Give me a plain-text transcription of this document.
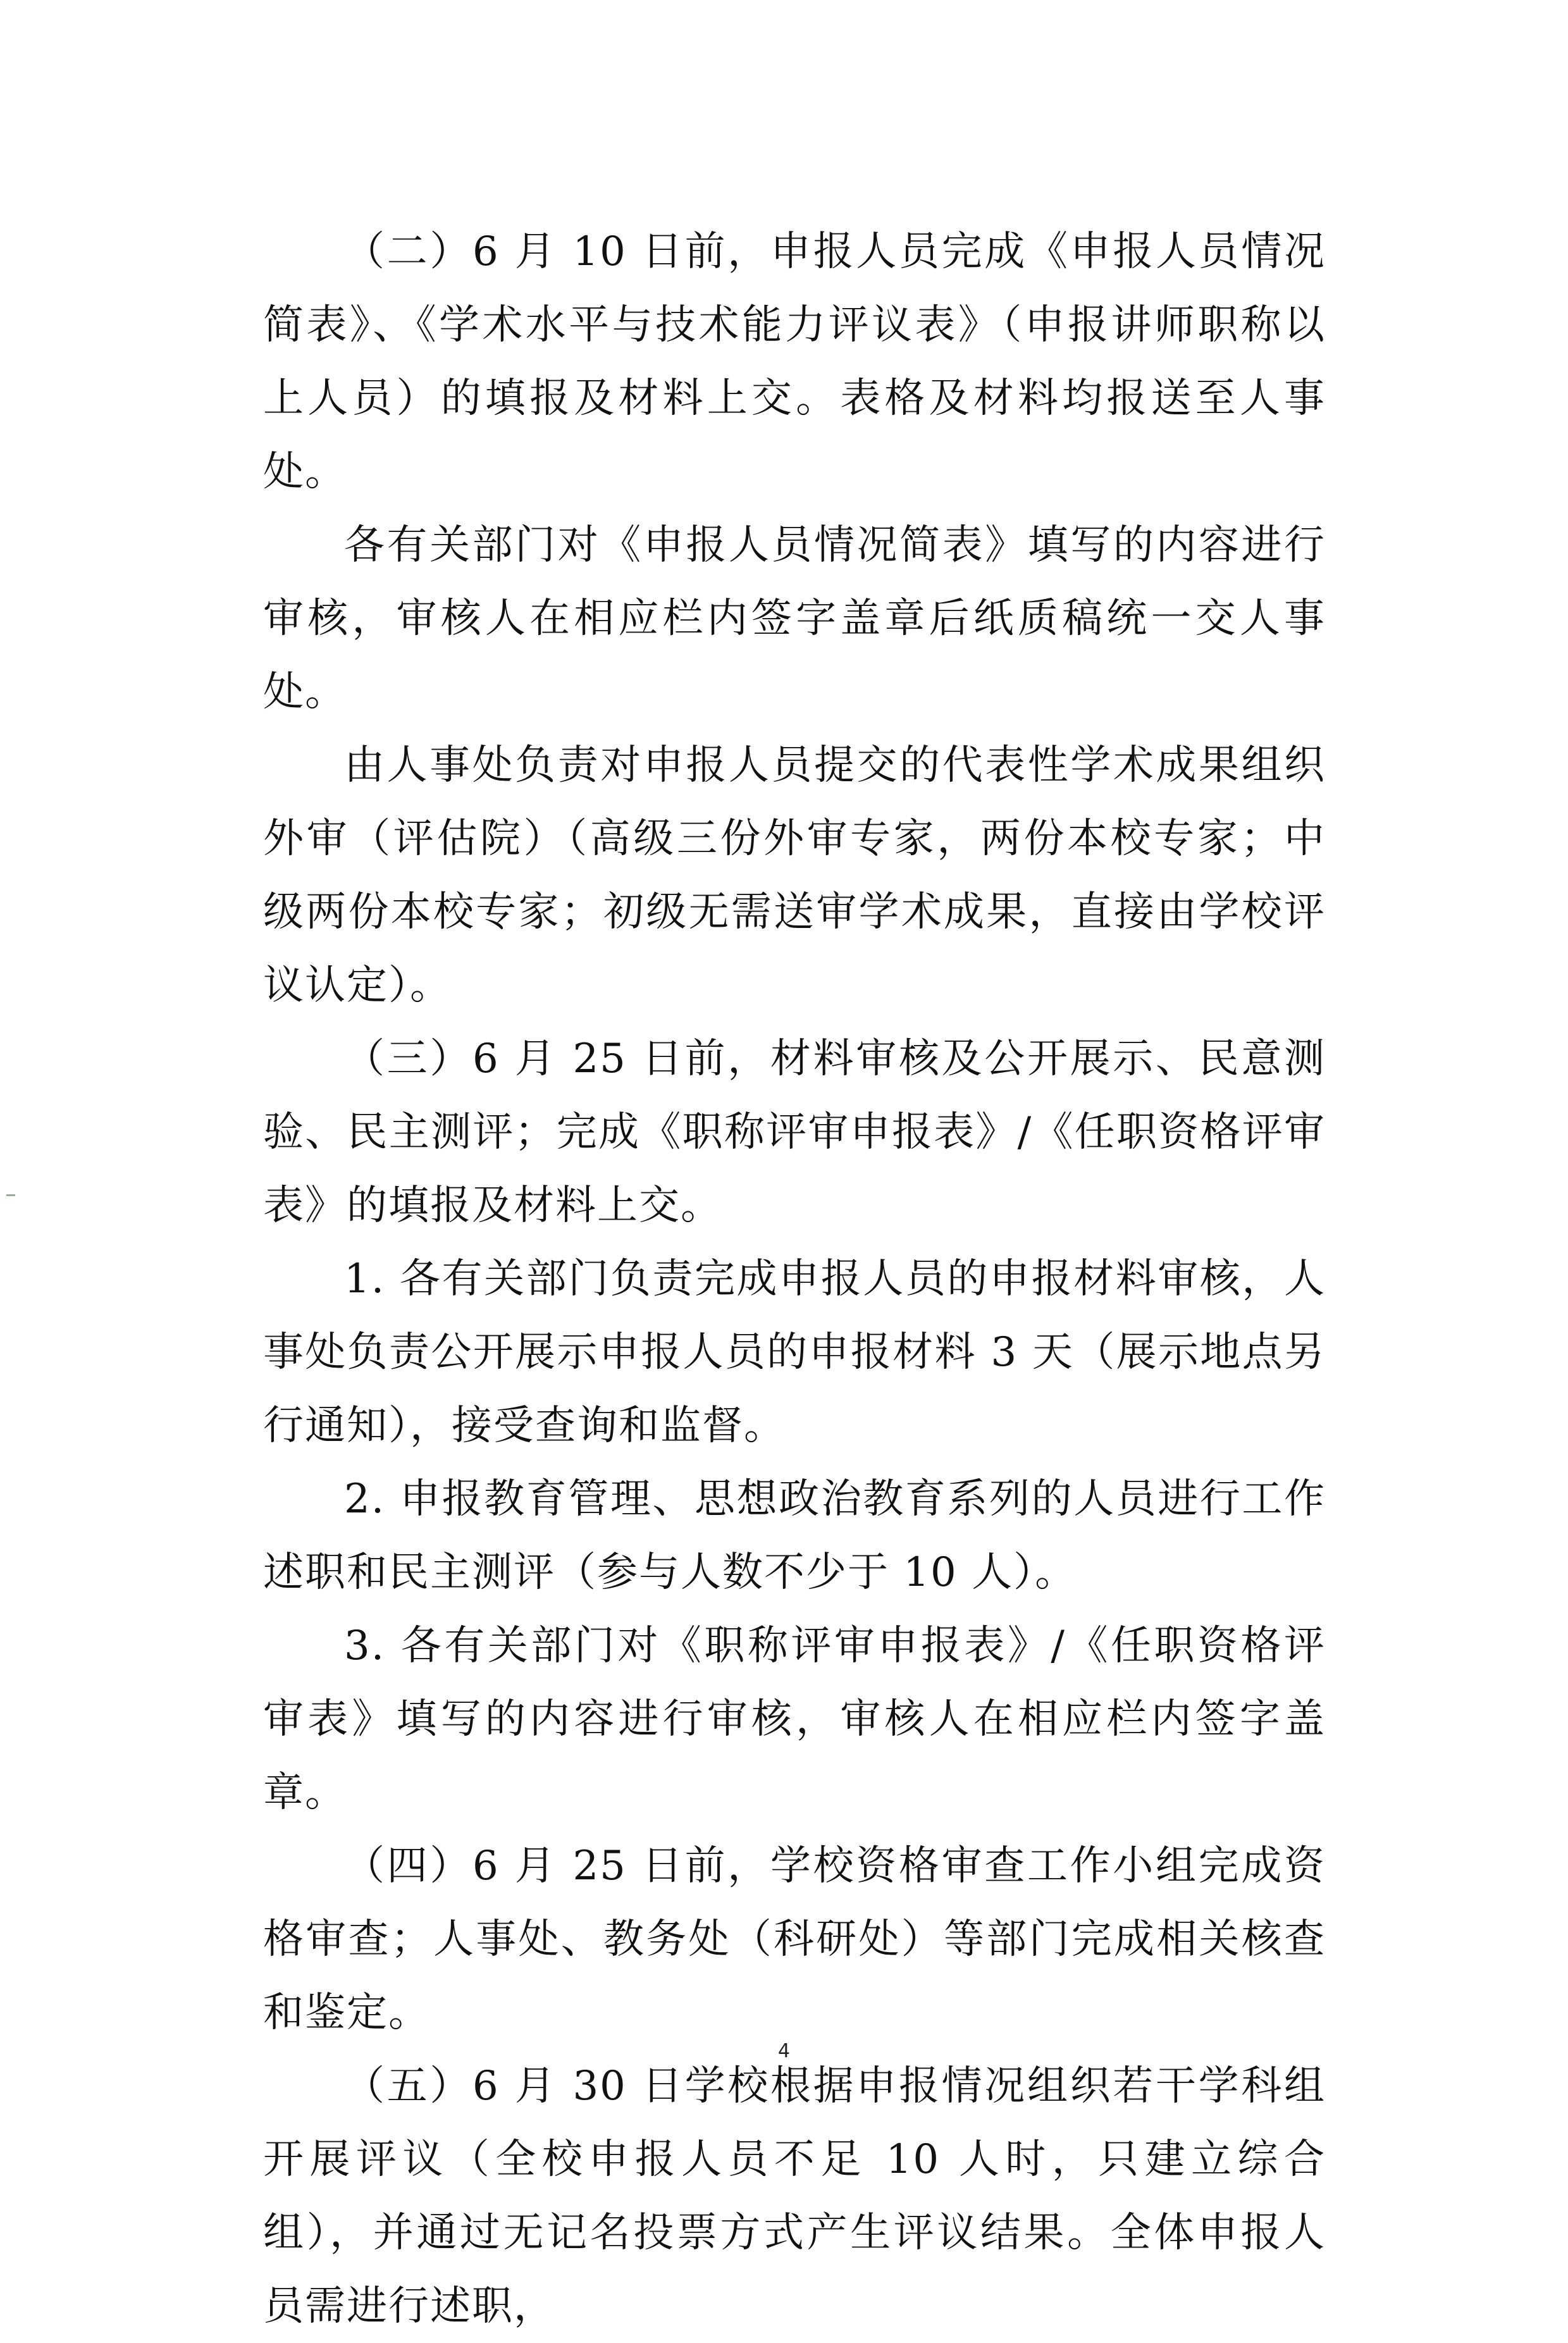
（二）6 月 10 日前，申报人员完成《申报人员情况简表》、《学术水平与技术能力评议表》（申报讲师职称以上人员）的填报及材料上交。表格及材料均报送至人事处。

各有关部门对《申报人员情况简表》填写的内容进行审核，审核人在相应栏内签字盖章后纸质稿统一交人事处。

由人事处负责对申报人员提交的代表性学术成果组织外审（评估院）（高级三份外审专家，两份本校专家；中级两份本校专家；初级无需送审学术成果，直接由学校评议认定）。

（三）6 月 25 日前，材料审核及公开展示、民意测验、民主测评；完成《职称评审申报表》/《任职资格评审表》的填报及材料上交。

1. 各有关部门负责完成申报人员的申报材料审核，人事处负责公开展示申报人员的申报材料 3 天（展示地点另行通知），接受查询和监督。

2. 申报教育管理、思想政治教育系列的人员进行工作述职和民主测评（参与人数不少于 10 人）。

3. 各有关部门对《职称评审申报表》/《任职资格评审表》填写的内容进行审核，审核人在相应栏内签字盖章。

（四）6 月 25 日前，学校资格审查工作小组完成资格审查；人事处、教务处（科研处）等部门完成相关核查和鉴定。

（五）6 月 30 日学校根据申报情况组织若干学科组开展评议（全校申报人员不足 10 人时，只建立综合组），并通过无记名投票方式产生评议结果。全体申报人员需进行述职，

4
